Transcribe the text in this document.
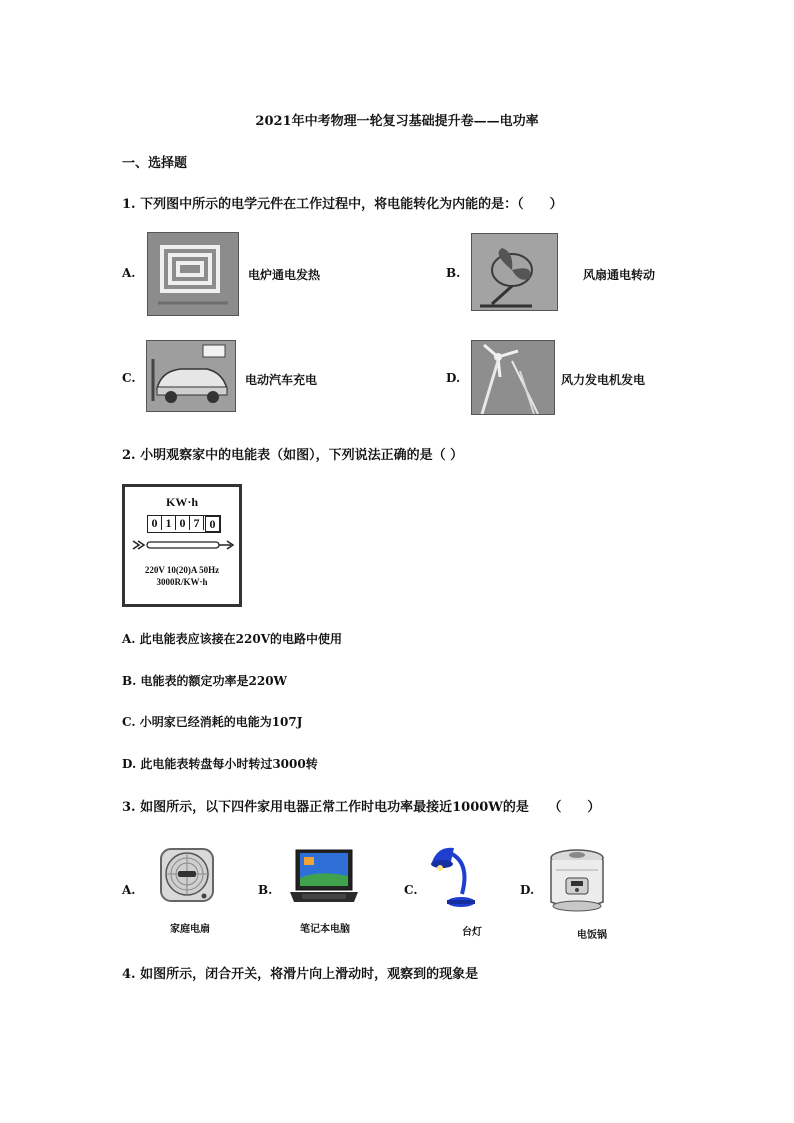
2021年中考物理一轮复习基础提升卷——电功率
一、选择题
1. 下列图中所示的电学元件在工作过程中，将电能转化为内能的是：（　　）
A.	电炉通电发热	B.	风扇通电转动
C.	电动汽车充电	D.	风力发电机发电
2. 小明观察家中的电能表（如图），下列说法正确的是（ ）
KW·h
0 1 0 7 0
220V 10(20)A 50Hz
3000R/KW·h
A. 此电能表应该接在220V的电路中使用
B. 电能表的额定功率是220W
C. 小明家已经消耗的电能为107J
D. 此电能表转盘每小时转过3000转
3. 如图所示，以下四件家用电器正常工作时电功率最接近1000W的是　　（　　）
A.
家庭电扇
B.
笔记本电脑
C.
台灯
D.
电饭锅
4. 如图所示，闭合开关，将滑片向上滑动时，观察到的现象是
